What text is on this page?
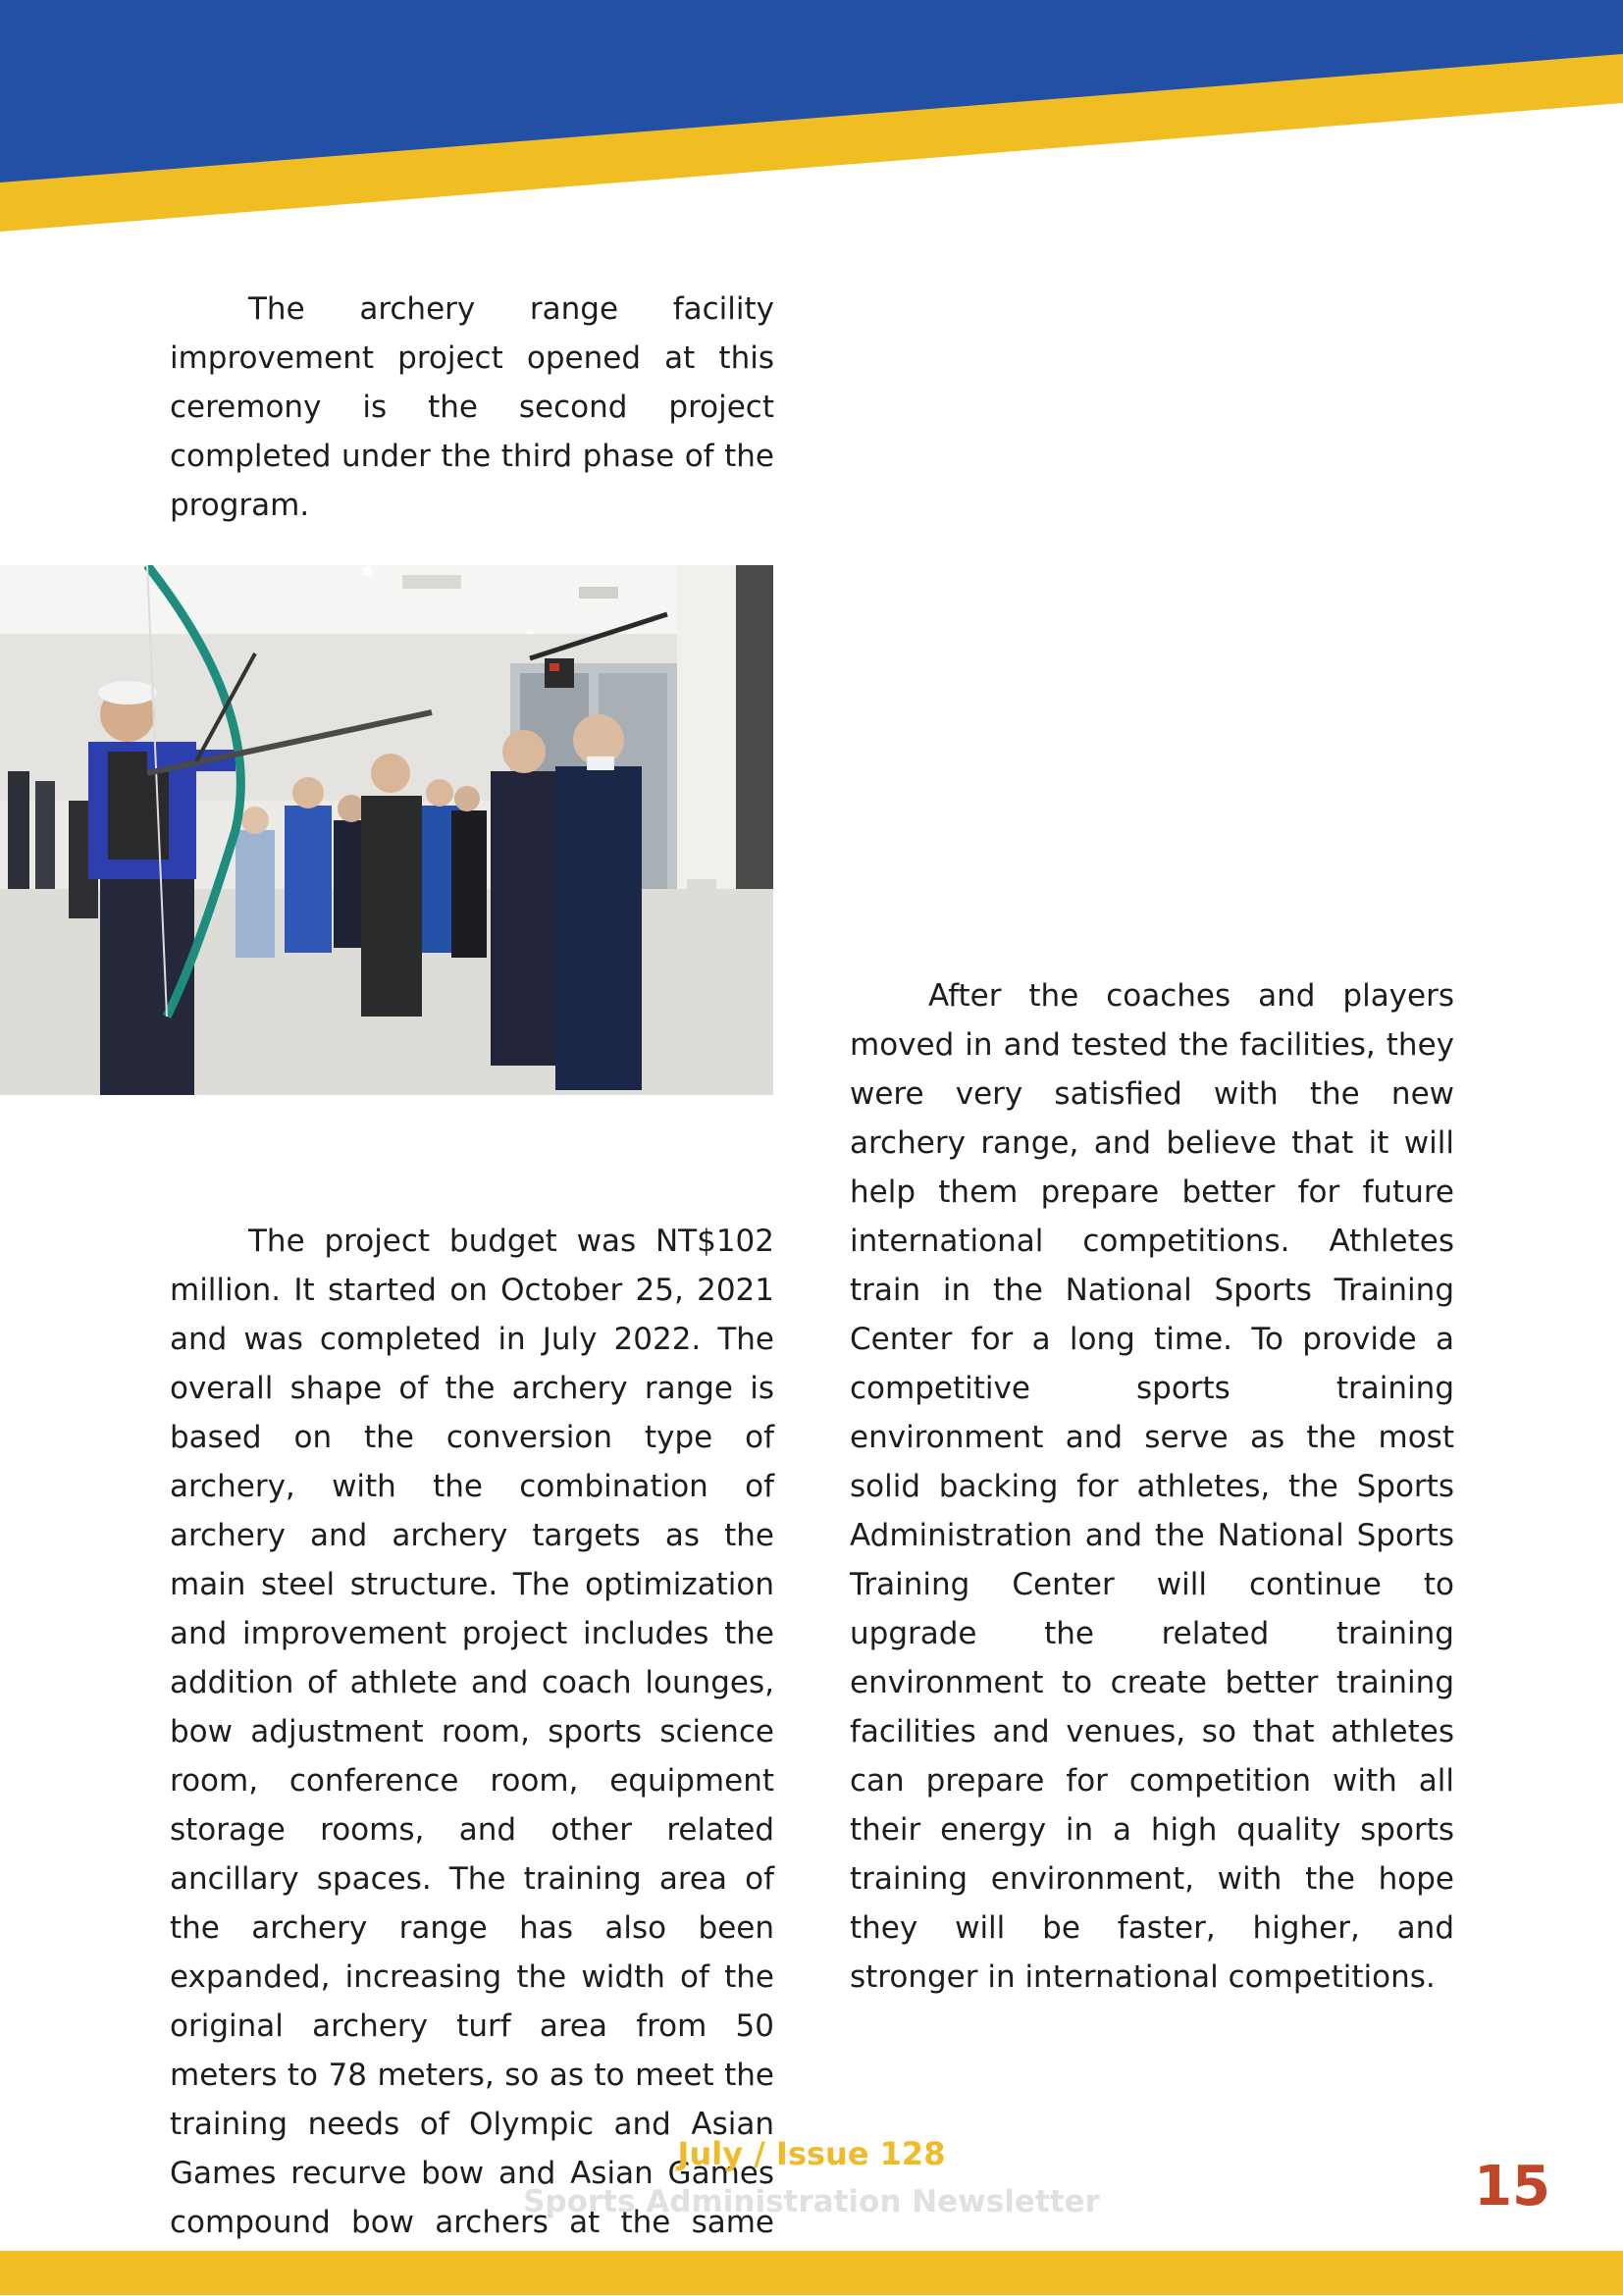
The archery range facility improvement project opened at this ceremony is the second project completed under the third phase of the program.

The project budget was NT$102 million. It started on October 25, 2021 and was completed in July 2022. The overall shape of the archery range is based on the conversion type of archery, with the combination of archery and archery targets as the main steel structure. The optimization and improvement project includes the addition of athlete and coach lounges, bow adjustment room, sports science room, conference room, equipment storage rooms, and other related ancillary spaces. The training area of the archery range has also been expanded, increasing the width of the original archery turf area from 50 meters to 78 meters, so as to meet the training needs of Olympic and Asian Games recurve bow and Asian Games compound bow archers at the same

After the coaches and players moved in and tested the facilities, they were very satisfied with the new archery range, and believe that it will help them prepare better for future international competitions. Athletes train in the National Sports Training Center for a long time. To provide a competitive sports training environment and serve as the most solid backing for athletes, the Sports Administration and the National Sports Training Center will continue to upgrade the related training environment to create better training facilities and venues, so that athletes can prepare for competition with all their energy in a high quality sports training environment, with the hope they will be faster, higher, and stronger in international competitions.

July / Issue 128
Sports Administration Newsletter	15
